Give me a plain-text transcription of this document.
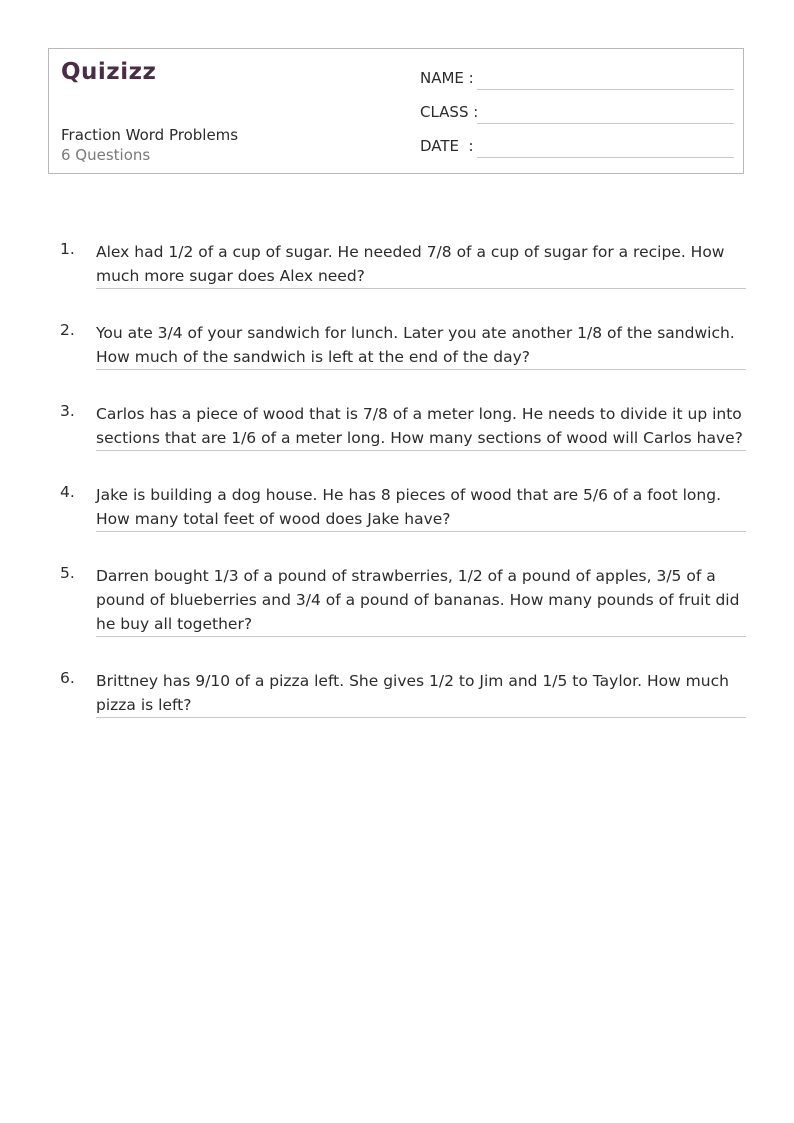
Quizizz
Fraction Word Problems
6 Questions
NAME :
CLASS :
DATE  :
1. Alex had 1/2 of a cup of sugar. He needed 7/8 of a cup of sugar for a recipe. How much more sugar does Alex need?
2. You ate 3/4 of your sandwich for lunch. Later you ate another 1/8 of the sandwich. How much of the sandwich is left at the end of the day?
3. Carlos has a piece of wood that is 7/8 of a meter long. He needs to divide it up into sections that are 1/6 of a meter long. How many sections of wood will Carlos have?
4. Jake is building a dog house. He has 8 pieces of wood that are 5/6 of a foot long. How many total feet of wood does Jake have?
5. Darren bought 1/3 of a pound of strawberries, 1/2 of a pound of apples, 3/5 of a pound of blueberries and 3/4 of a pound of bananas. How many pounds of fruit did he buy all together?
6. Brittney has 9/10 of a pizza left. She gives 1/2 to Jim and 1/5 to Taylor. How much pizza is left?
